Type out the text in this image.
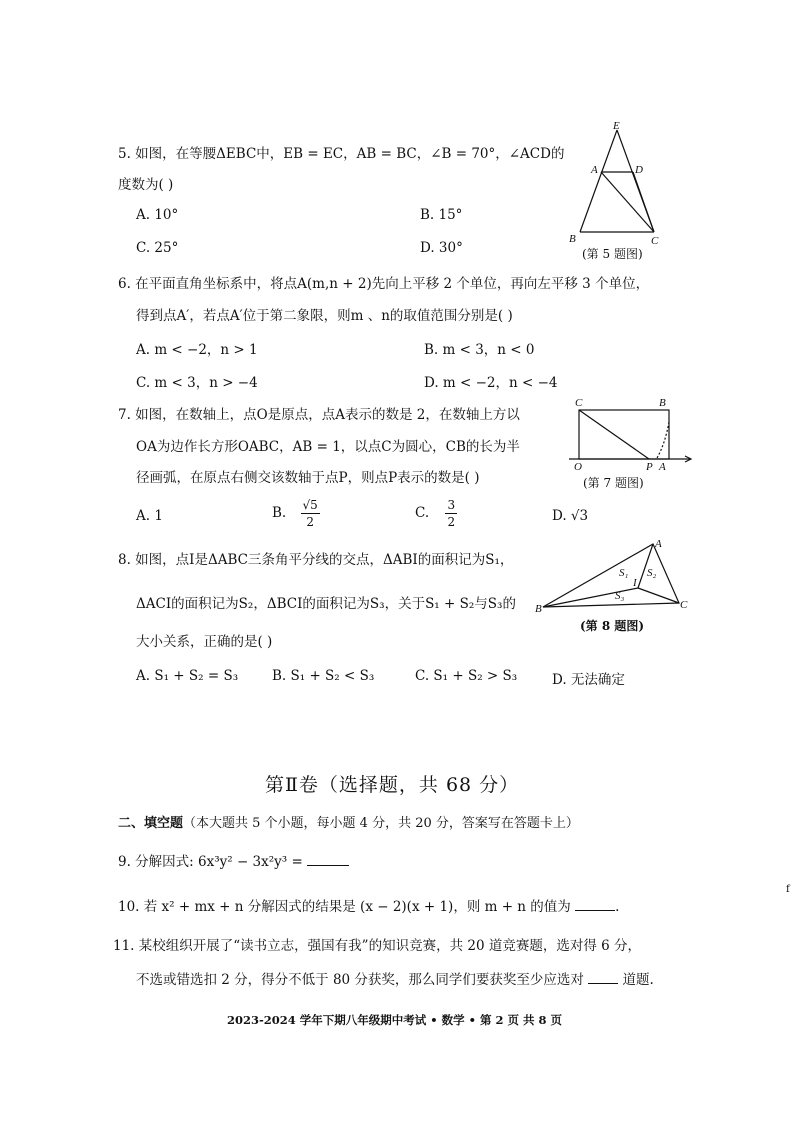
5. 如图，在等腰ΔEBC中，EB = EC，AB = BC，∠B = 70°，∠ACD的
度数为( )
A. 10°	B. 15°
C. 25°	D. 30°
E
A	D
B	C
(第 5 题图)
6. 在平面直角坐标系中，将点A(m,n + 2)先向上平移 2 个单位，再向左平移 3 个单位，
得到点A′，若点A′位于第二象限，则m 、n的取值范围分别是( )
A. m < −2，n > 1	B. m < 3，n < 0
C. m < 3，n > −4	D. m < −2，n < −4
7. 如图，在数轴上，点O是原点，点A表示的数是 2，在数轴上方以
OA为边作长方形OABC，AB = 1，以点C为圆心，CB的长为半
径画弧，在原点右侧交该数轴于点P，则点P表示的数是( )
A. 1	B. $\frac{√5}{2}$	C. $\frac{3}{2}$	D. √3
C	B
O	P A
(第 7 题图)
8. 如图，点I是ΔABC三条角平分线的交点，ΔABI的面积记为S₁，
ΔACI的面积记为S₂，ΔBCI的面积记为S₃，关于S₁ + S₂与S₃的
大小关系，正确的是( )
A. S₁ + S₂ = S₃	B. S₁ + S₂ < S₃	C. S₁ + S₂ > S₃	D. 无法确定
A
B	C
I
S₁ S₂
S₃
(第 8 题图)
第Ⅱ卷（选择题，共 68 分）
二、填空题（本大题共 5 个小题，每小题 4 分，共 20 分，答案写在答题卡上）
9. 分解因式: 6x³y² − 3x²y³ =
10. 若 x² + mx + n 分解因式的结果是 (x − 2)(x + 1)，则 m + n 的值为	.
f
11. 某校组织开展了“读书立志，强国有我”的知识竞赛，共 20 道竞赛题，选对得 6 分，
不选或错选扣 2 分，得分不低于 80 分获奖，那么同学们要获奖至少应选对  道题.
2023-2024 学年下期八年级期中考试 • 数学 • 第 2 页 共 8 页
